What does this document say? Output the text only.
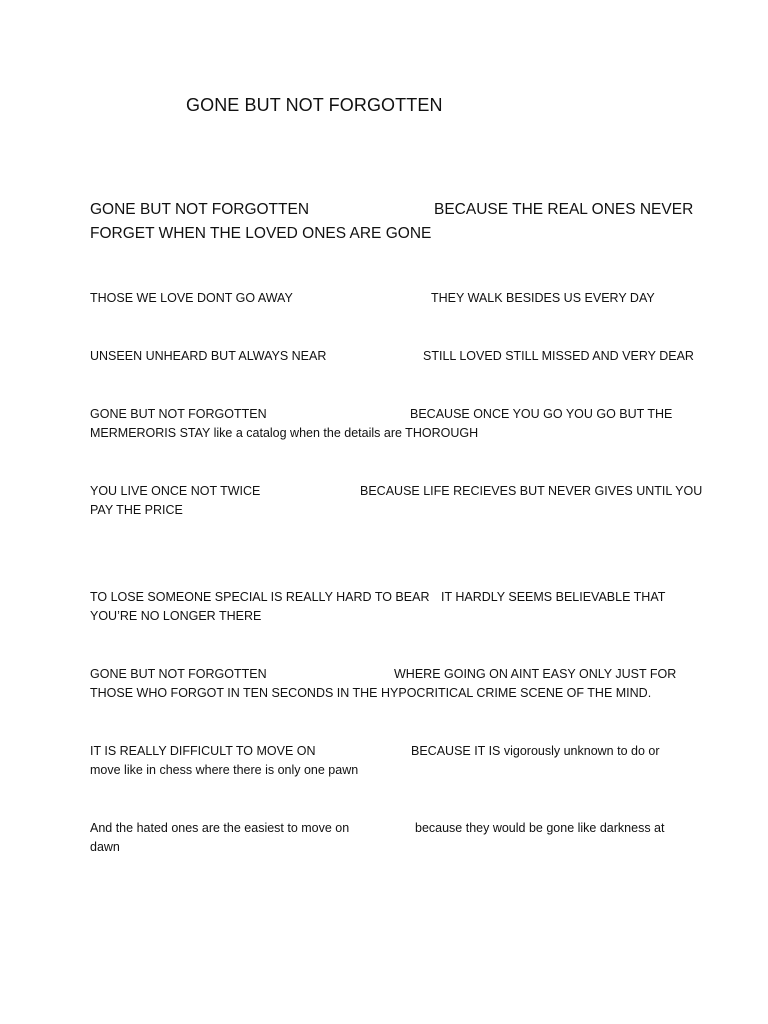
GONE BUT NOT FORGOTTEN
GONE BUT NOT FORGOTTEN	BECAUSE THE REAL ONES NEVER
FORGET WHEN THE LOVED ONES ARE GONE
THOSE WE LOVE DONT GO AWAY	THEY WALK BESIDES US EVERY DAY
UNSEEN UNHEARD BUT ALWAYS NEAR	STILL LOVED STILL MISSED AND VERY DEAR
GONE BUT NOT FORGOTTEN	BECAUSE ONCE YOU GO YOU GO BUT THE
MERMERORIS STAY like a catalog when the details are THOROUGH
YOU LIVE ONCE NOT TWICE	BECAUSE LIFE RECIEVES BUT NEVER GIVES UNTIL YOU
PAY THE PRICE
TO LOSE SOMEONE SPECIAL IS REALLY HARD TO BEAR IT HARDLY SEEMS BELIEVABLE THAT
YOU’RE NO LONGER THERE
GONE BUT NOT FORGOTTEN	WHERE GOING ON AINT EASY ONLY JUST FOR
THOSE WHO FORGOT IN TEN SECONDS IN THE HYPOCRITICAL CRIME SCENE OF THE MIND.
IT IS REALLY DIFFICULT TO MOVE ON	BECAUSE IT IS vigorously unknown to do or
move like in chess where there is only one pawn
And the hated ones are the easiest to move on	because they would be gone like darkness at
dawn
